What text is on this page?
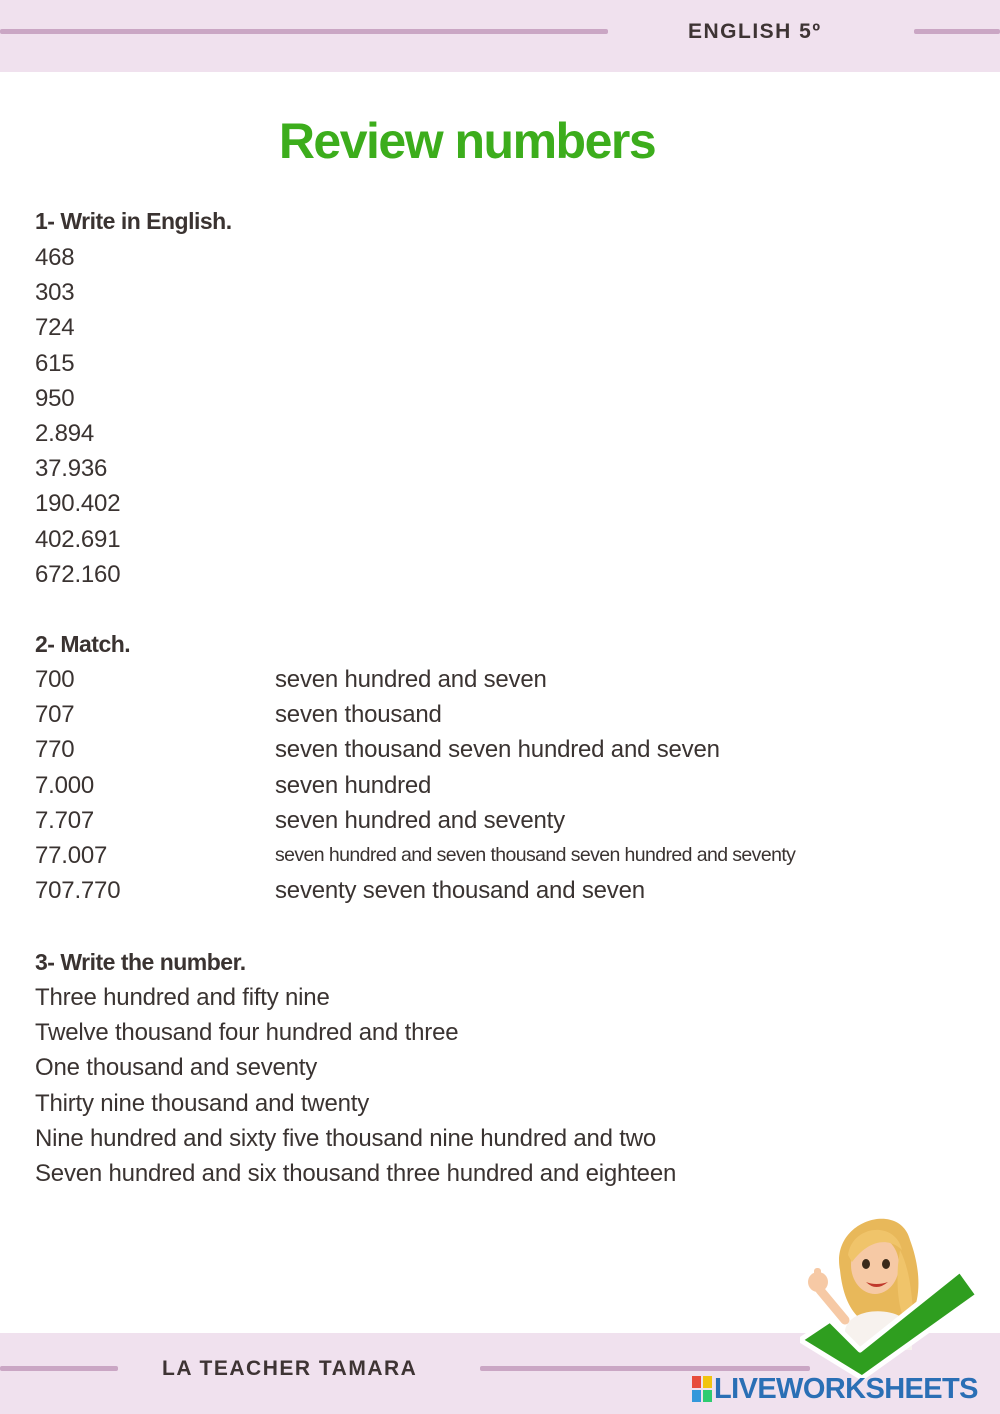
ENGLISH 5º
Review numbers
1- Write in English.
468
303
724
615
950
2.894
37.936
190.402
402.691
672.160
2- Match.
700
707
770
7.000
7.707
77.007
707.770
seven hundred and seven
seven thousand
seven thousand seven hundred and seven
seven hundred
seven hundred and seventy
seven hundred and seven thousand seven hundred and seventy
seventy seven thousand and seven
3- Write the number.
Three hundred and fifty nine
Twelve thousand four hundred and three
One thousand and seventy
Thirty nine thousand and twenty
Nine hundred and sixty five thousand nine hundred and two
Seven hundred and six thousand three hundred and eighteen
LA TEACHER TAMARA
LIVEWORKSHEETS
